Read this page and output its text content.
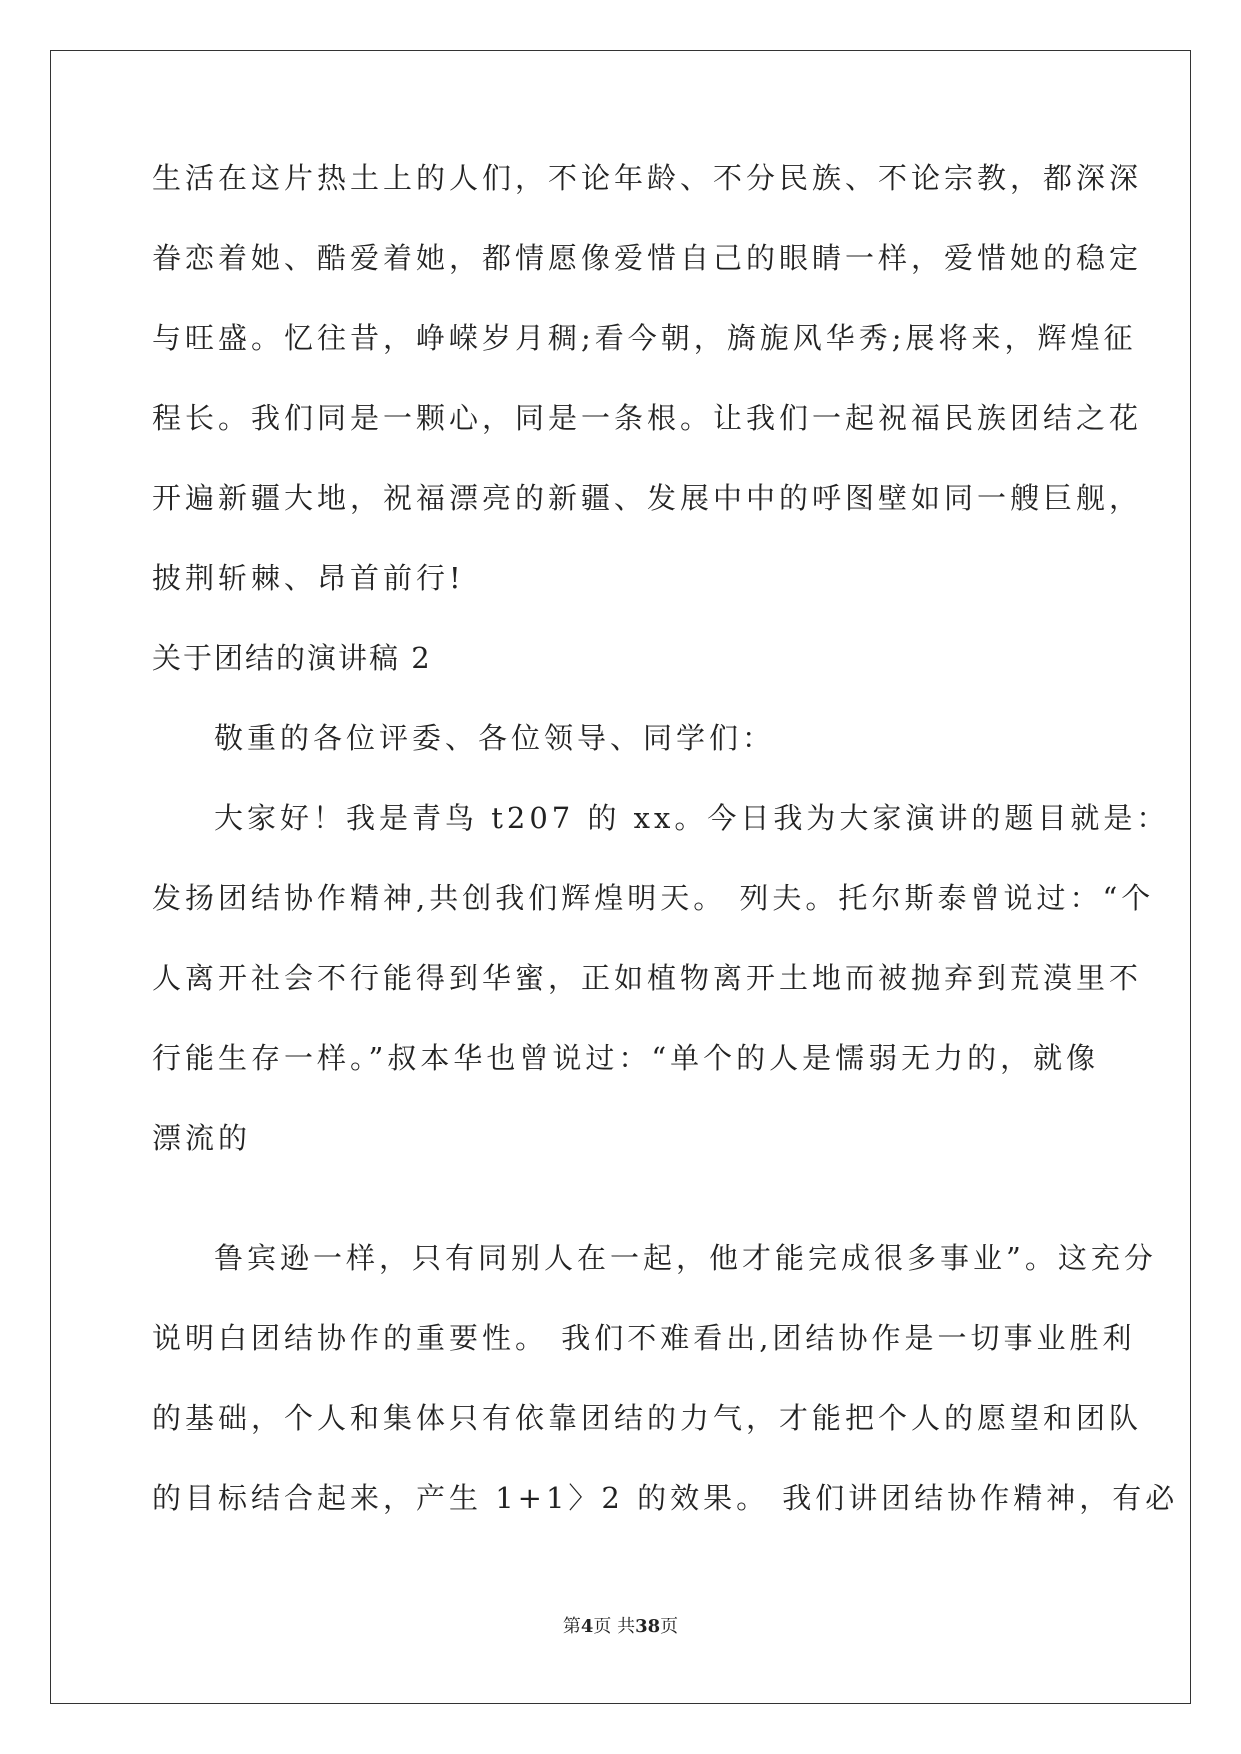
生活在这片热土上的人们，不论年龄、不分民族、不论宗教，都深深
眷恋着她、酷爱着她，都情愿像爱惜自己的眼睛一样，爱惜她的稳定
与旺盛。忆往昔，峥嵘岁月稠;看今朝，旖旎风华秀;展将来，辉煌征
程长。我们同是一颗心，同是一条根。让我们一起祝福民族团结之花
开遍新疆大地，祝福漂亮的新疆、发展中中的呼图壁如同一艘巨舰，
披荆斩棘、昂首前行!
关于团结的演讲稿 2
敬重的各位评委、各位领导、同学们：
大家好！我是青鸟 t207 的 xx。今日我为大家演讲的题目就是：
发扬团结协作精神,共创我们辉煌明天。 列夫。托尔斯泰曾说过：“个
人离开社会不行能得到华蜜，正如植物离开土地而被抛弃到荒漠里不
行能生存一样。”叔本华也曾说过：“单个的人是懦弱无力的，就像
漂流的
鲁宾逊一样，只有同别人在一起，他才能完成很多事业”。这充分
说明白团结协作的重要性。 我们不难看出,团结协作是一切事业胜利
的基础，个人和集体只有依靠团结的力气，才能把个人的愿望和团队
的目标结合起来，产生 1+1〉2 的效果。 我们讲团结协作精神，有必
第4页 共38页
